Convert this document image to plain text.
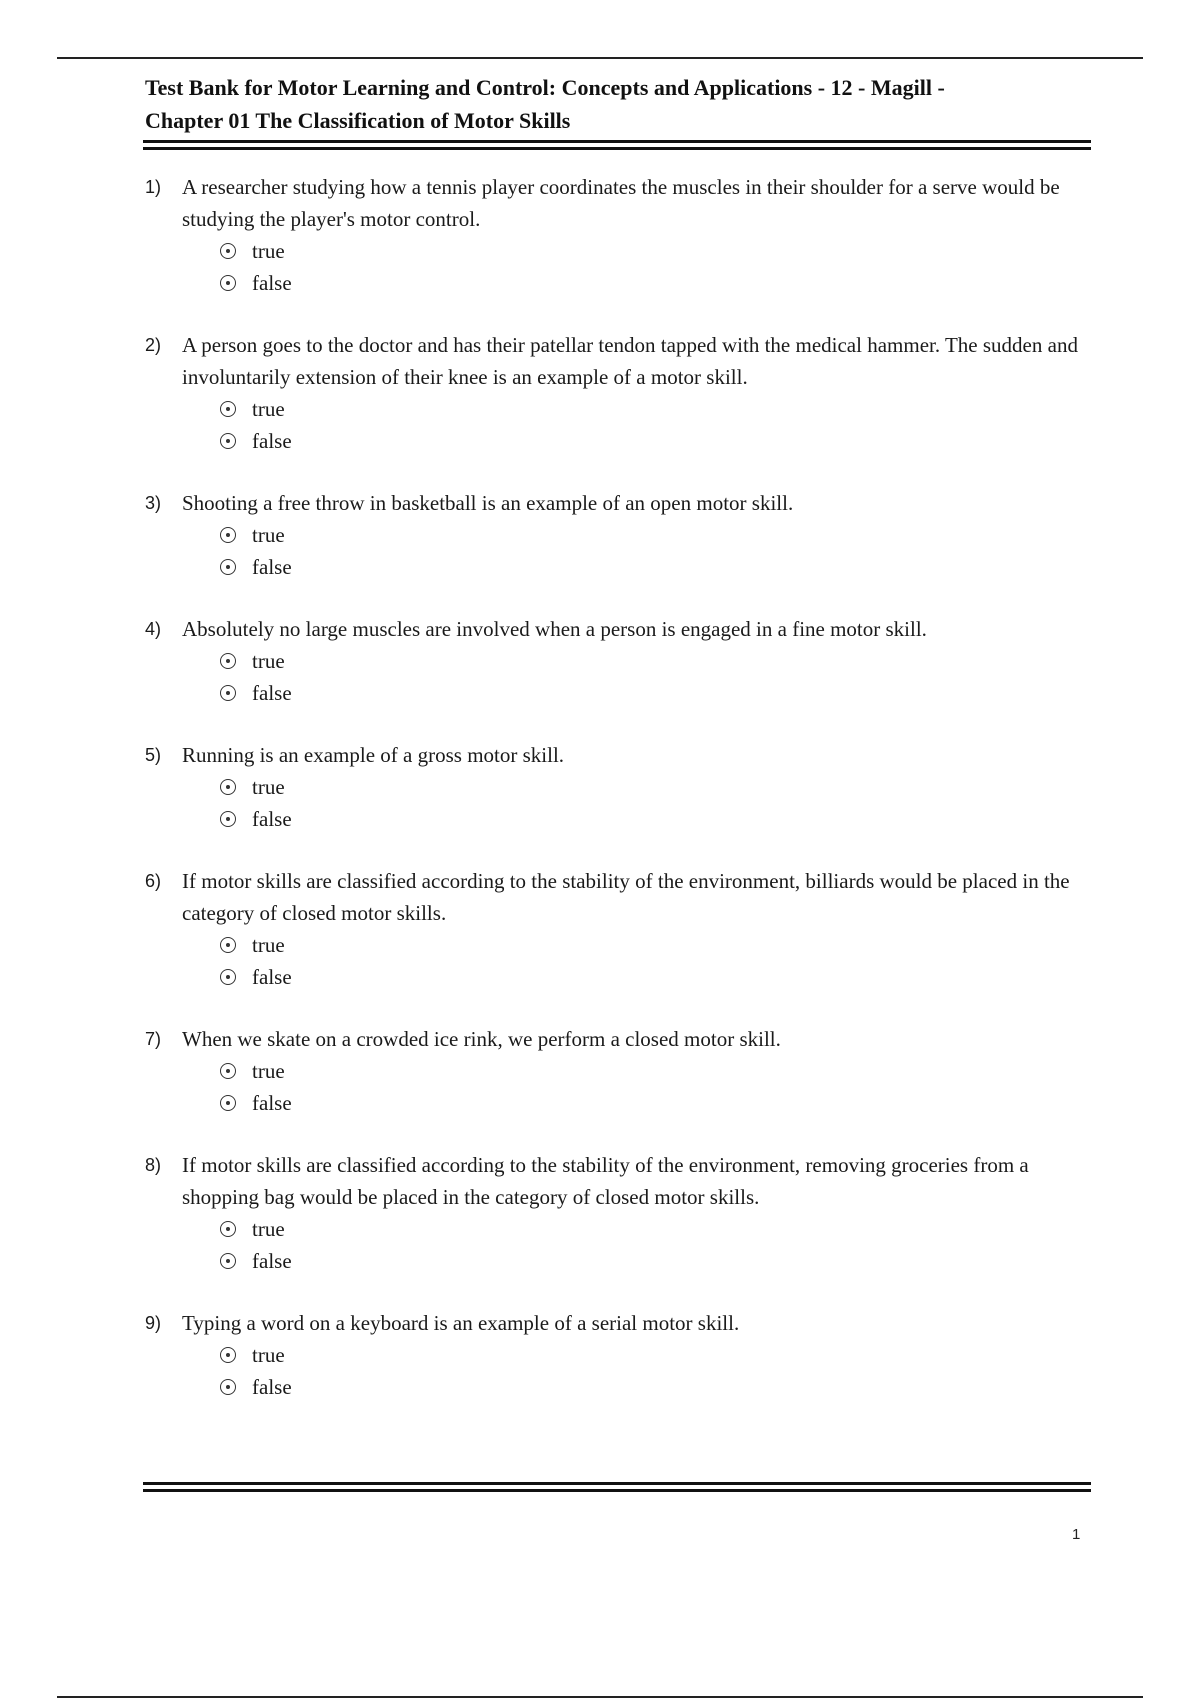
Test Bank for Motor Learning and Control: Concepts and Applications - 12 - Magill -
Chapter 01 The Classification of Motor Skills
1) A researcher studying how a tennis player coordinates the muscles in their shoulder for a serve would be studying the player's motor control.
true
false
2) A person goes to the doctor and has their patellar tendon tapped with the medical hammer. The sudden and involuntarily extension of their knee is an example of a motor skill.
true
false
3) Shooting a free throw in basketball is an example of an open motor skill.
true
false
4) Absolutely no large muscles are involved when a person is engaged in a fine motor skill.
true
false
5) Running is an example of a gross motor skill.
true
false
6) If motor skills are classified according to the stability of the environment, billiards would be placed in the category of closed motor skills.
true
false
7) When we skate on a crowded ice rink, we perform a closed motor skill.
true
false
8) If motor skills are classified according to the stability of the environment, removing groceries from a shopping bag would be placed in the category of closed motor skills.
true
false
9) Typing a word on a keyboard is an example of a serial motor skill.
true
false
1
